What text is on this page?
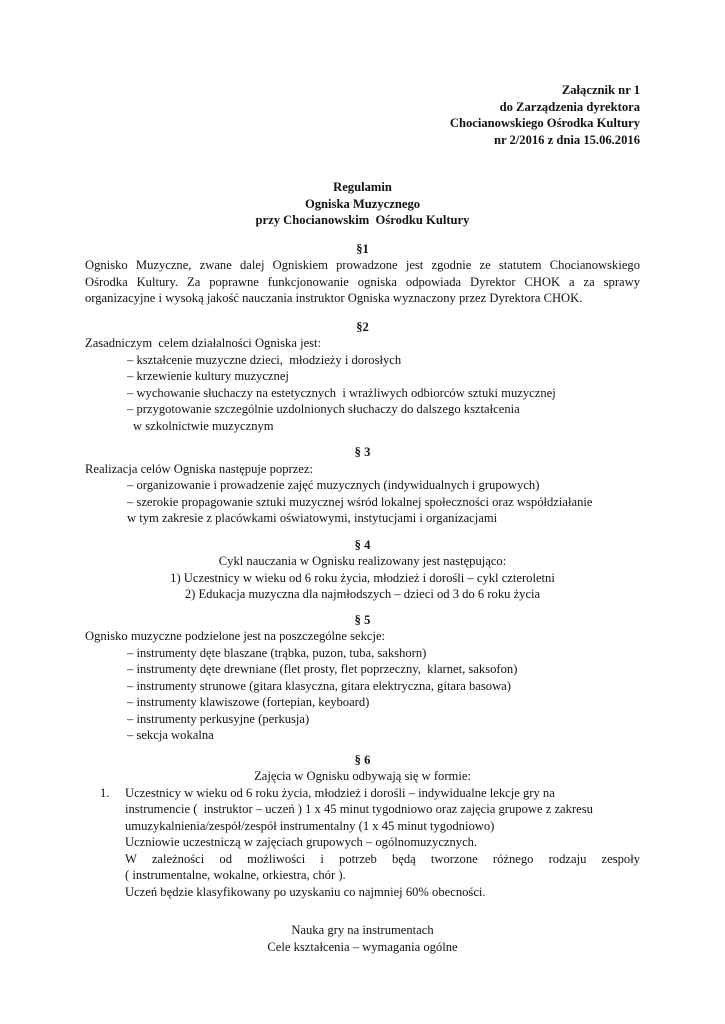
Załącznik nr 1
do Zarządzenia dyrektora
Chocianowskiego Ośrodka Kultury
nr 2/2016 z dnia 15.06.2016
Regulamin
Ogniska Muzycznego
przy Chocianowskim  Ośrodku Kultury
§1
Ognisko Muzyczne, zwane dalej Ogniskiem prowadzone jest zgodnie ze statutem Chocianowskiego
Ośrodka Kultury. Za poprawne funkcjonowanie ogniska odpowiada Dyrektor CHOK a za sprawy
organizacyjne i wysoką jakość nauczania instruktor Ogniska wyznaczony przez Dyrektora CHOK.
§2
Zasadniczym  celem działalności Ogniska jest:
– kształcenie muzyczne dzieci,  młodzieży i dorosłych
– krzewienie kultury muzycznej
– wychowanie słuchaczy na estetycznych  i wrażliwych odbiorców sztuki muzycznej
– przygotowanie szczególnie uzdolnionych słuchaczy do dalszego kształcenia
w szkolnictwie muzycznym
§ 3
Realizacja celów Ogniska następuje poprzez:
– organizowanie i prowadzenie zajęć muzycznych (indywidualnych i grupowych)
– szerokie propagowanie sztuki muzycznej wśród lokalnej społeczności oraz współdziałanie
w tym zakresie z placówkami oświatowymi, instytucjami i organizacjami
§ 4
Cykl nauczania w Ognisku realizowany jest następująco:
1) Uczestnicy w wieku od 6 roku życia, młodzież i dorośli – cykl czteroletni
2) Edukacja muzyczna dla najmłodszych – dzieci od 3 do 6 roku życia
§ 5
Ognisko muzyczne podzielone jest na poszczególne sekcje:
– instrumenty dęte blaszane (trąbka, puzon, tuba, sakshorn)
– instrumenty dęte drewniane (flet prosty, flet poprzeczny,  klarnet, saksofon)
– instrumenty strunowe (gitara klasyczna, gitara elektryczna, gitara basowa)
– instrumenty klawiszowe (fortepian, keyboard)
– instrumenty perkusyjne (perkusja)
– sekcja wokalna
§ 6
Zajęcia w Ognisku odbywają się w formie:
1. Uczestnicy w wieku od 6 roku życia, młodzież i dorośli – indywidualne lekcje gry na
instrumencie (  instruktor – uczeń ) 1 x 45 minut tygodniowo oraz zajęcia grupowe z zakresu
umuzykalnienia/zespół/zespół instrumentalny (1 x 45 minut tygodniowo)
Uczniowie uczestniczą w zajęciach grupowych – ogólnomuzycznych.
W zależności od możliwości i potrzeb będą tworzone różnego rodzaju zespoły
( instrumentalne, wokalne, orkiestra, chór ).
Uczeń będzie klasyfikowany po uzyskaniu co najmniej 60% obecności.
Nauka gry na instrumentach
Cele kształcenia – wymagania ogólne
